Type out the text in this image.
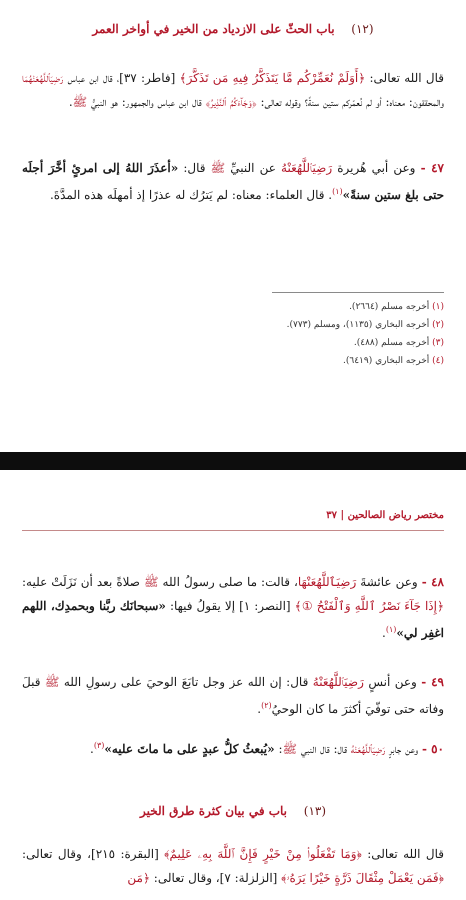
(١٢)    باب الحثّ على الازدياد من الخير في أواخر العمر

قال الله تعالى: ﴿أَوَلَمْ نُعَمِّرْكُم مَّا يَتَذَكَّرُ فِيهِ مَن تَذَكَّرَ﴾ [فاطر: ٣٧]، قال ابن عباس رَضِيَٱللَّهُعَنْهُمَا والمحققون: معناه: أو لم نُعمّركم ستين سنةً؟ وقوله تعالى: ﴿وَجَآءَكُمُ ٱلنَّذِيرُ﴾ قال ابن عباس والجمهور: هو النبيُّ ﷺ.

٤٧ - وعن أبي هُريرة رَضِيَٱللَّهُعَنْهُ عن النبيِّ ﷺ قال: «أعذَرَ اللهُ إلى امرئٍ أخَّرَ أجلَه حتى بلغ ستين سنةً»$^{(١)}$. قال العلماء: معناه: لم يَترُك له عذرًا إذ أمهلَه هذه المدَّةَ.

(١) أخرجه مسلم (٢٦٦٤).
(٢) أخرجه البخاري (١١٣٥)، ومسلم (٧٧٣).
(٣) أخرجه مسلم (٤٨٨).
(٤) أخرجه البخاري (٦٤١٩).
مختصر رياض الصالحين | ٣٧

٤٨ - وعن عائشةَ رَضِيَٱللَّهُعَنْهَا، قالت: ما صلى رسولُ الله ﷺ صلاةً بعد أن نَزَلَتْ عليه: ﴿إِذَا جَآءَ نَصْرُ ٱللَّهِ وَٱلْفَتْحُ ①﴾ [النصر: ١] إلا يقولُ فيها: «سبحانَك ربَّنا وبحمدِك، اللهم اغفِر لي»$^{(١)}$.

٤٩ - وعن أنسٍ رَضِيَٱللَّهُعَنْهُ قال: إن الله عز وجل تابَعَ الوحيَ على رسولِ الله ﷺ قبلَ وفاته حتى توفّيَ أكثرَ ما كان الوحيُ$^{(٢)}$.

٥٠ - وعن جابرٍ رَضِيَٱللَّهُعَنْهُ قال: قال النبي ﷺ: «يُبعثُ كلُّ عبدٍ على ما ماتَ عليه»$^{(٣)}$.

(١٣)    باب في بيان كثرة طرق الخير

قال الله تعالى: ﴿وَمَا تَفْعَلُوا۟ مِنْ خَيْرٍ فَإِنَّ ٱللَّهَ بِهِۦ عَلِيمٌ﴾ [البقرة: ٢١٥]، وقال تعالى: ﴿فَمَن يَعْمَلْ مِثْقَالَ ذَرَّةٍ خَيْرًا يَرَهُۥ﴾ [الزلزلة: ٧]، وقال تعالى: ﴿مَن
